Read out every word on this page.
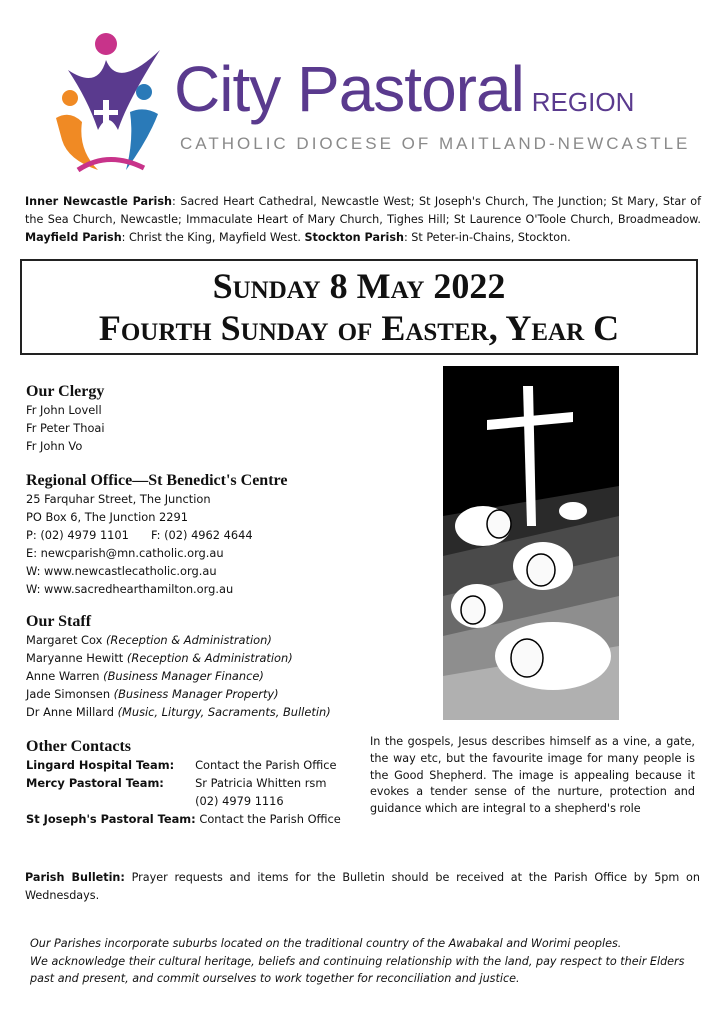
City Pastoral REGION
CATHOLIC DIOCESE OF MAITLAND-NEWCASTLE
Inner Newcastle Parish: Sacred Heart Cathedral, Newcastle West; St Joseph's Church, The Junction; St Mary, Star of the Sea Church, Newcastle; Immaculate Heart of Mary Church, Tighes Hill; St Laurence O'Toole Church, Broadmeadow. Mayfield Parish: Christ the King, Mayfield West. Stockton Parish: St Peter-in-Chains, Stockton.
Sunday 8 May 2022
Fourth Sunday of Easter, Year C
Our Clergy
Fr John Lovell
Fr Peter Thoai
Fr John Vo
Regional Office—St Benedict's Centre
25 Farquhar Street, The Junction
PO Box 6, The Junction 2291
P: (02) 4979 1101 F: (02) 4962 4644
E: newcparish@mn.catholic.org.au
W: www.newcastlecatholic.org.au
W: www.sacredhearthamilton.org.au
Our Staff
Margaret Cox (Reception & Administration)
Maryanne Hewitt (Reception & Administration)
Anne Warren (Business Manager Finance)
Jade Simonsen (Business Manager Property)
Dr Anne Millard (Music, Liturgy, Sacraments, Bulletin)
Other Contacts
Lingard Hospital Team:	Contact the Parish Office
Mercy Pastoral Team:	Sr Patricia Whitten rsm
	(02) 4979 1116
St Joseph's Pastoral Team: Contact the Parish Office	
In the gospels, Jesus describes himself as a vine, a gate, the way etc, but the favourite image for many people is the Good Shepherd. The image is appealing because it evokes a tender sense of the nurture, protection and guidance which are integral to a shepherd's role
Parish Bulletin: Prayer requests and items for the Bulletin should be received at the Parish Office by 5pm on Wednesdays.
Our Parishes incorporate suburbs located on the traditional country of the Awabakal and Worimi peoples.
We acknowledge their cultural heritage, beliefs and continuing relationship with the land, pay respect to their Elders past and present, and commit ourselves to work together for reconciliation and justice.
